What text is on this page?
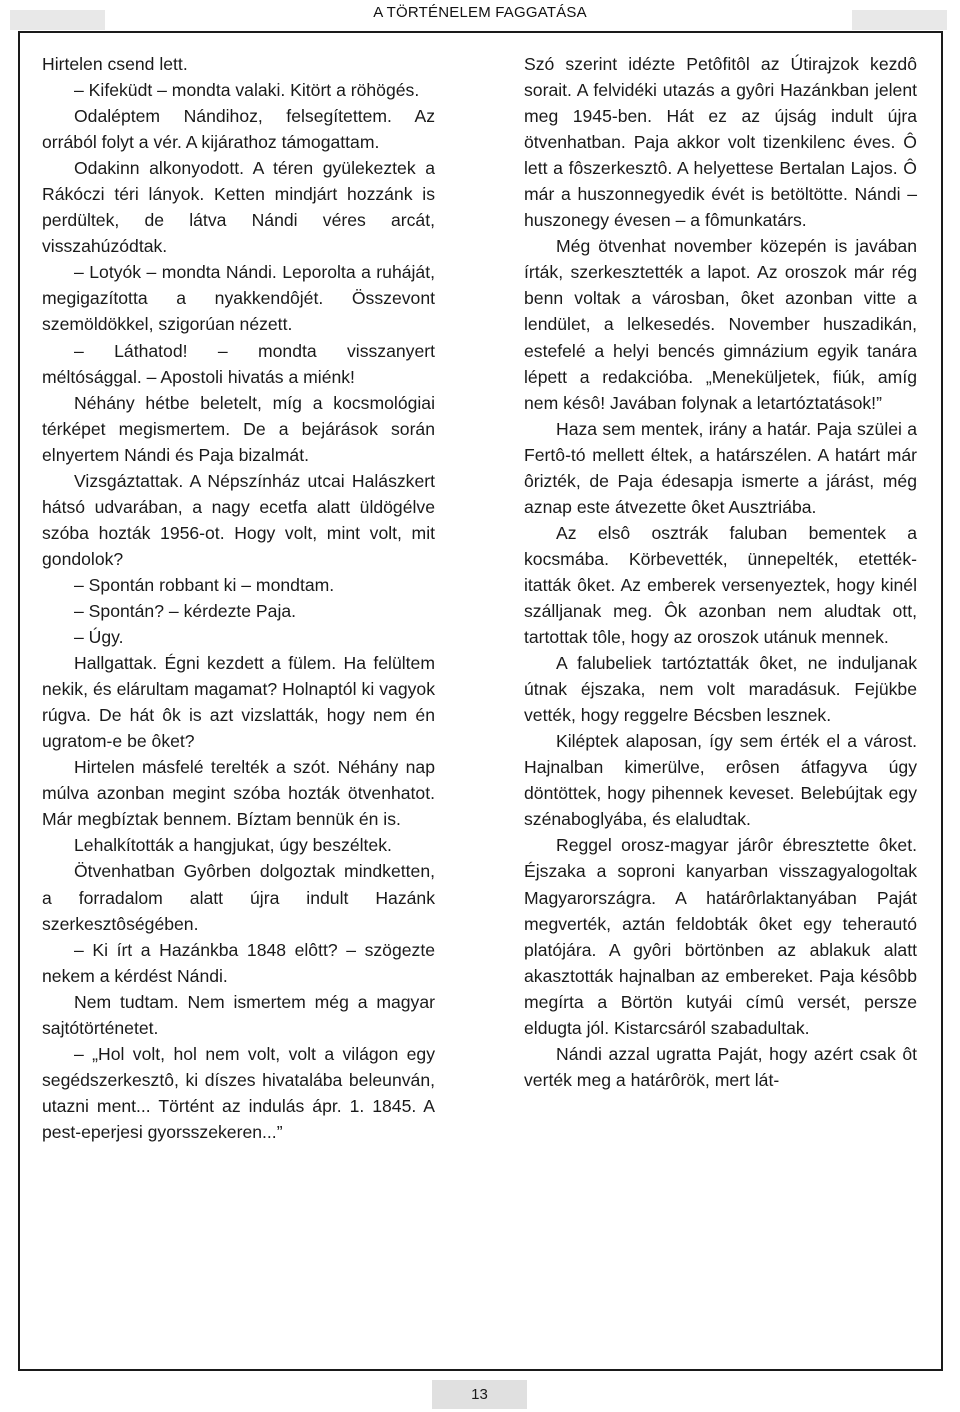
A TÖRTÉNELEM FAGGATÁSA

Hirtelen csend lett.

– Kifeküdt – mondta valaki. Kitört a röhögés.

Odaléptem Nándihoz, felsegítettem. Az orrából folyt a vér. A kijárathoz támogattam.

Odakinn alkonyodott. A téren gyülekeztek a Rákóczi téri lányok. Ketten mindjárt hozzánk is perdültek, de látva Nándi véres arcát, visszahúzódtak.

– Lotyók – mondta Nándi. Leporolta a ruháját, megigazította a nyakkendôjét. Összevont szemöldökkel, szigorúan nézett.

– Láthatod! – mondta visszanyert méltósággal. – Apostoli hivatás a miénk!

Néhány hétbe beletelt, míg a kocsmológiai térképet megismertem. De a bejárások során elnyertem Nándi és Paja bizalmát.

Vizsgáztattak. A Népszínház utcai Halászkert hátsó udvarában, a nagy ecetfa alatt üldögélve szóba hozták 1956-ot. Hogy volt, mint volt, mit gondolok?

– Spontán robbant ki – mondtam.

– Spontán? – kérdezte Paja.

– Úgy.

Hallgattak. Égni kezdett a fülem. Ha felültem nekik, és elárultam magamat? Holnaptól ki vagyok rúgva. De hát ôk is azt vizslatták, hogy nem én ugratom-e be ôket?

Hirtelen másfelé terelték a szót. Néhány nap múlva azonban megint szóba hozták ötvenhatot. Már megbíztak bennem. Bíztam bennük én is.

Lehalkították a hangjukat, úgy beszéltek.

Ötvenhatban Gyôrben dolgoztak mindketten, a forradalom alatt újra indult Hazánk szerkesztôségében.

– Ki írt a Hazánkba 1848 elôtt? – szögezte nekem a kérdést Nándi.

Nem tudtam. Nem ismertem még a magyar sajtótörténetet.

– „Hol volt, hol nem volt, volt a világon egy segédszerkesztô, ki díszes hivatalába beleunván, utazni ment... Történt az indulás ápr. 1. 1845. A pest-eperjesi gyorsszekeren...”

Szó szerint idézte Petôfitôl az Útirajzok kezdô sorait. A felvidéki utazás a gyôri Hazánkban jelent meg 1945-ben. Hát ez az újság indult újra ötvenhatban. Paja akkor volt tizenkilenc éves. Ô lett a fôszerkesztô. A helyettese Bertalan Lajos. Ô már a huszonnegyedik évét is betöltötte. Nándi – huszonegy évesen – a fômunkatárs.

Még ötvenhat november közepén is javában írták, szerkesztették a lapot. Az oroszok már rég benn voltak a városban, ôket azonban vitte a lendület, a lelkesedés. November huszadikán, estefelé a helyi bencés gimnázium egyik tanára lépett a redakcióba. „Meneküljetek, fiúk, amíg nem késô! Javában folynak a letartóztatások!”

Haza sem mentek, irány a határ. Paja szülei a Fertô-tó mellett éltek, a határszélen. A határt már ôrizték, de Paja édesapja ismerte a járást, még aznap este átvezette ôket Ausztriába.

Az elsô osztrák faluban bementek a kocsmába. Körbevették, ünnepelték, etették-itatták ôket. Az emberek versenyeztek, hogy kinél szálljanak meg. Ôk azonban nem aludtak ott, tartottak tôle, hogy az oroszok utánuk mennek.

A falubeliek tartóztatták ôket, ne induljanak útnak éjszaka, nem volt maradásuk. Fejükbe vették, hogy reggelre Bécsben lesznek.

Kiléptek alaposan, így sem érték el a várost. Hajnalban kimerülve, erôsen átfagyva úgy döntöttek, hogy pihennek keveset. Belebújtak egy szénaboglyába, és elaludtak.

Reggel orosz-magyar járôr ébresztette ôket. Éjszaka a soproni kanyarban visszagyalogoltak Magyarországra. A határôrlaktanyában Paját megverték, aztán feldobták ôket egy teherautó platójára. A gyôri börtönben az ablakuk alatt akasztották hajnalban az embereket. Paja késôbb megírta a Börtön kutyái címû versét, persze eldugta jól. Kistarcsáról szabadultak.

Nándi azzal ugratta Paját, hogy azért csak ôt verték meg a határôrök, mert lát-

13
